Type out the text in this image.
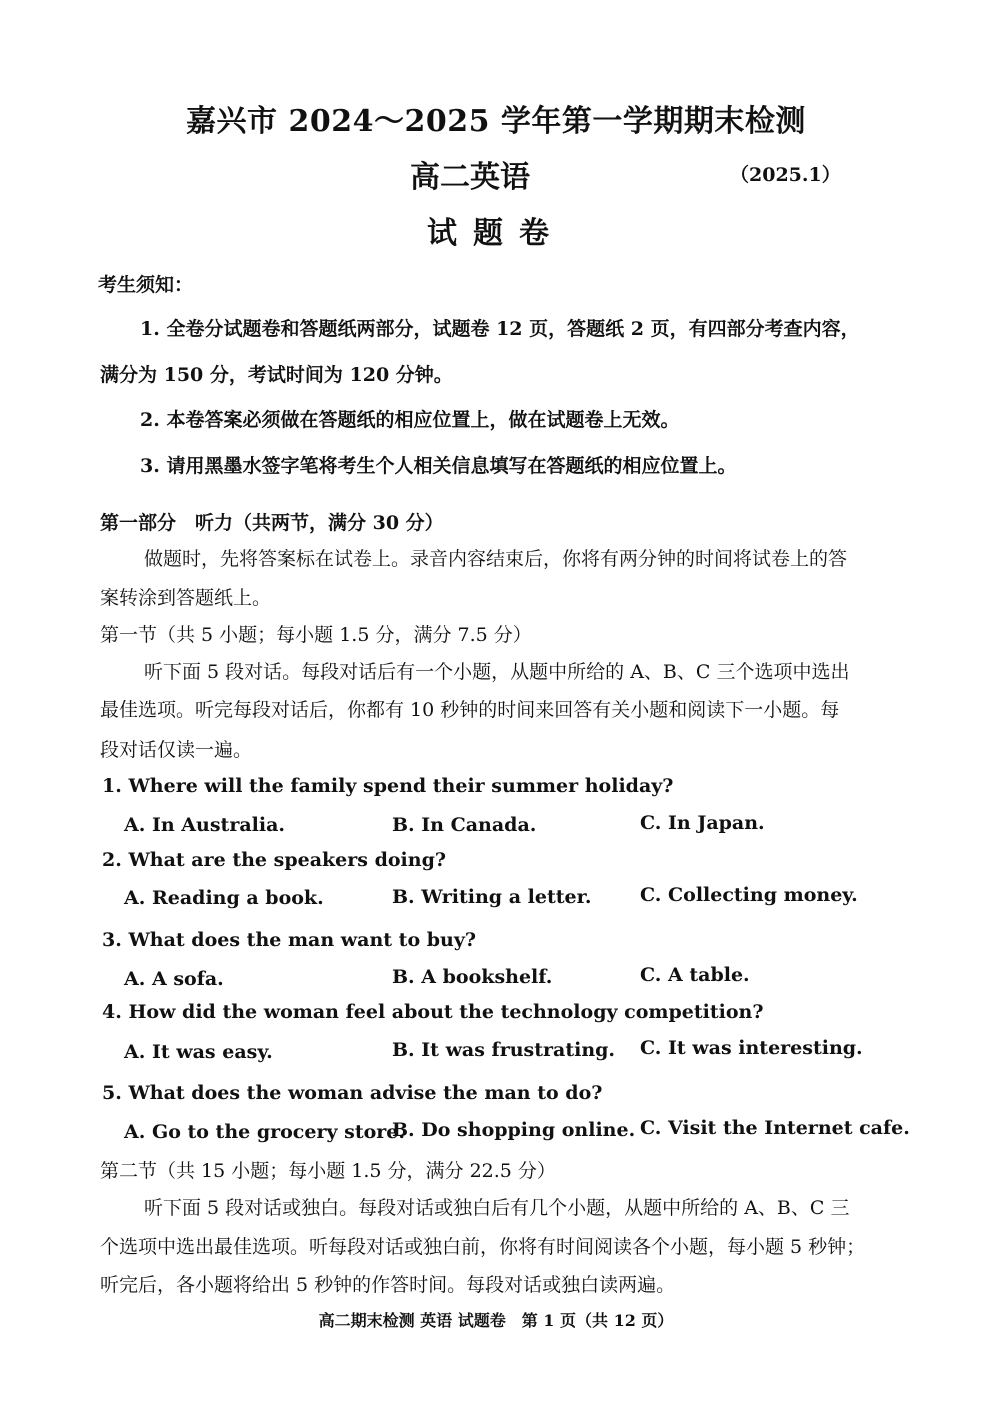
嘉兴市 2024～2025 学年第一学期期末检测
高二英语	（2025.1）
试题卷
考生须知：
1. 全卷分试题卷和答题纸两部分，试题卷 12 页，答题纸 2 页，有四部分考查内容，
满分为 150 分，考试时间为 120 分钟。
2. 本卷答案必须做在答题纸的相应位置上，做在试题卷上无效。
3. 请用黑墨水签字笔将考生个人相关信息填写在答题纸的相应位置上。
第一部分　听力（共两节，满分 30 分）
做题时，先将答案标在试卷上。录音内容结束后，你将有两分钟的时间将试卷上的答
案转涂到答题纸上。
第一节（共 5 小题；每小题 1.5 分，满分 7.5 分）
听下面 5 段对话。每段对话后有一个小题，从题中所给的 A、B、C 三个选项中选出
最佳选项。听完每段对话后，你都有 10 秒钟的时间来回答有关小题和阅读下一小题。每
段对话仅读一遍。
1. Where will the family spend their summer holiday?
A. In Australia.	B. In Canada.	C. In Japan.
2. What are the speakers doing?
A. Reading a book.	B. Writing a letter.	C. Collecting money.
3. What does the man want to buy?
A. A sofa.	B. A bookshelf.	C. A table.
4. How did the woman feel about the technology competition?
A. It was easy.	B. It was frustrating. C. It was interesting.
5. What does the woman advise the man to do?
A. Go to the grocery store.
B. Do shopping online. C. Visit the Internet cafe.
第二节（共 15 小题；每小题 1.5 分，满分 22.5 分）
听下面 5 段对话或独白。每段对话或独白后有几个小题，从题中所给的 A、B、C 三
个选项中选出最佳选项。听每段对话或独白前，你将有时间阅读各个小题，每小题 5 秒钟；
听完后，各小题将给出 5 秒钟的作答时间。每段对话或独白读两遍。
高二期末检测 英语 试题卷　第 1 页（共 12 页）
